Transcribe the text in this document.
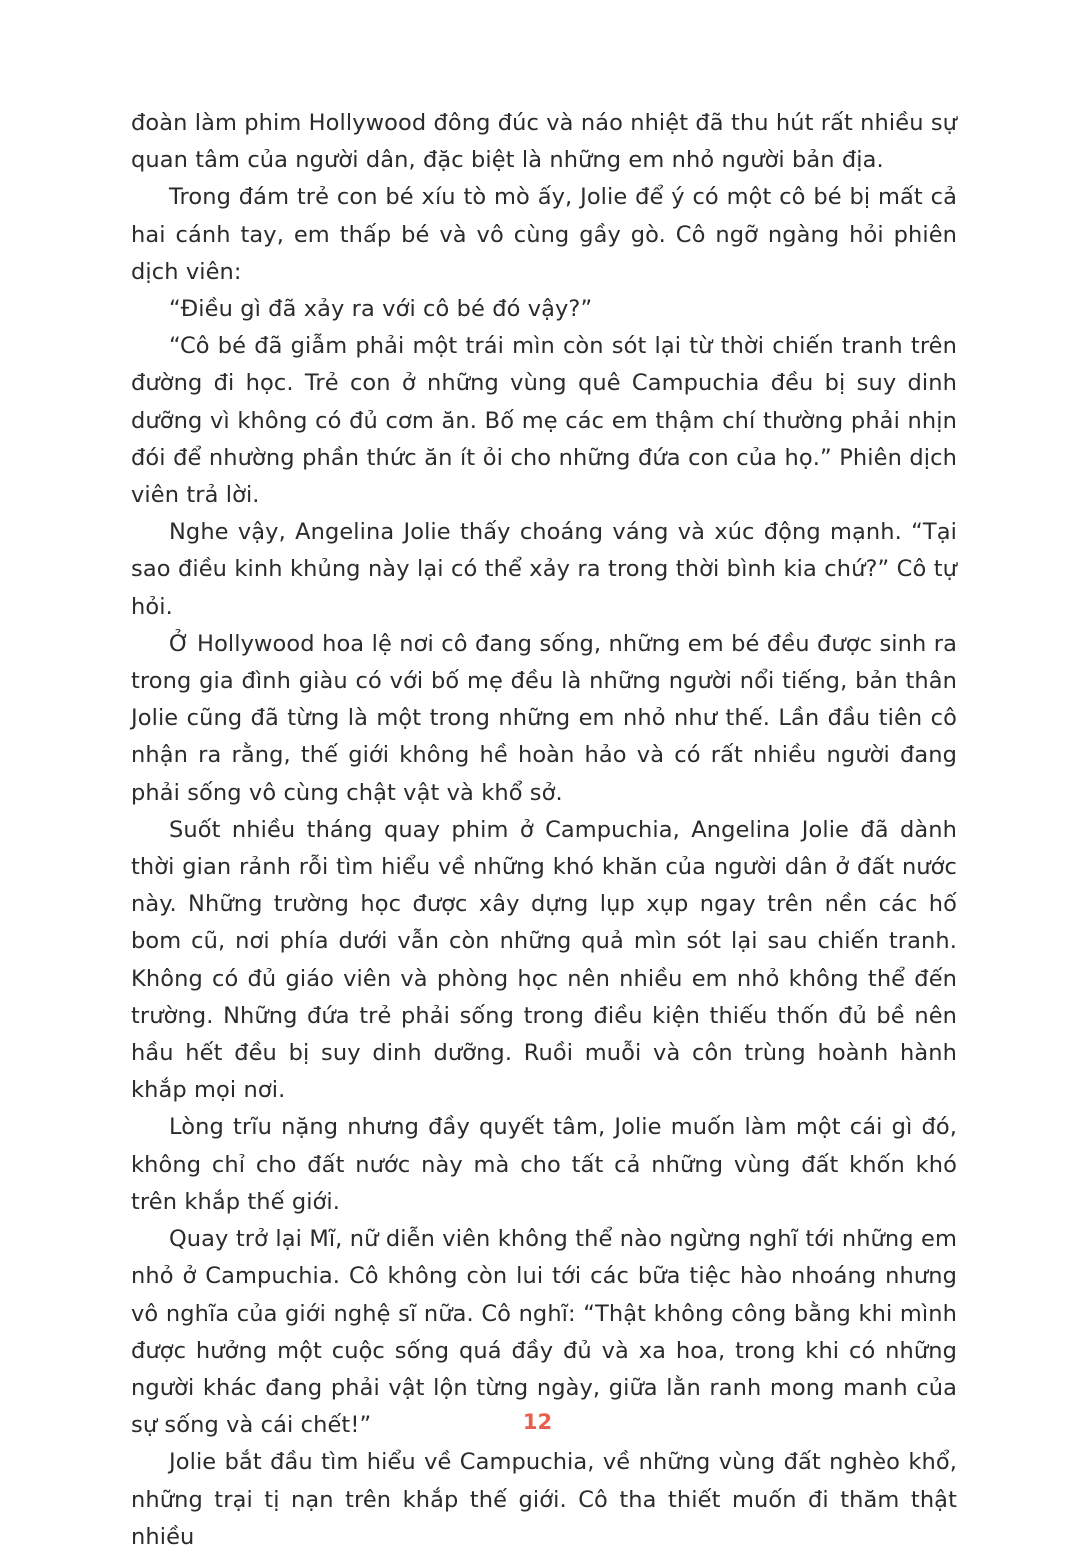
đoàn làm phim Hollywood đông đúc và náo nhiệt đã thu hút rất nhiều sự quan tâm của người dân, đặc biệt là những em nhỏ người bản địa.

Trong đám trẻ con bé xíu tò mò ấy, Jolie để ý có một cô bé bị mất cả hai cánh tay, em thấp bé và vô cùng gầy gò. Cô ngỡ ngàng hỏi phiên dịch viên:

“Điều gì đã xảy ra với cô bé đó vậy?”

“Cô bé đã giẫm phải một trái mìn còn sót lại từ thời chiến tranh trên đường đi học. Trẻ con ở những vùng quê Campuchia đều bị suy dinh dưỡng vì không có đủ cơm ăn. Bố mẹ các em thậm chí thường phải nhịn đói để nhường phần thức ăn ít ỏi cho những đứa con của họ.” Phiên dịch viên trả lời.

Nghe vậy, Angelina Jolie thấy choáng váng và xúc động mạnh. “Tại sao điều kinh khủng này lại có thể xảy ra trong thời bình kia chứ?” Cô tự hỏi.

Ở Hollywood hoa lệ nơi cô đang sống, những em bé đều được sinh ra trong gia đình giàu có với bố mẹ đều là những người nổi tiếng, bản thân Jolie cũng đã từng là một trong những em nhỏ như thế. Lần đầu tiên cô nhận ra rằng, thế giới không hề hoàn hảo và có rất nhiều người đang phải sống vô cùng chật vật và khổ sở.

Suốt nhiều tháng quay phim ở Campuchia, Angelina Jolie đã dành thời gian rảnh rỗi tìm hiểu về những khó khăn của người dân ở đất nước này. Những trường học được xây dựng lụp xụp ngay trên nền các hố bom cũ, nơi phía dưới vẫn còn những quả mìn sót lại sau chiến tranh. Không có đủ giáo viên và phòng học nên nhiều em nhỏ không thể đến trường. Những đứa trẻ phải sống trong điều kiện thiếu thốn đủ bề nên hầu hết đều bị suy dinh dưỡng. Ruồi muỗi và côn trùng hoành hành khắp mọi nơi.

Lòng trĩu nặng nhưng đầy quyết tâm, Jolie muốn làm một cái gì đó, không chỉ cho đất nước này mà cho tất cả những vùng đất khốn khó trên khắp thế giới.

Quay trở lại Mĩ, nữ diễn viên không thể nào ngừng nghĩ tới những em nhỏ ở Campuchia. Cô không còn lui tới các bữa tiệc hào nhoáng nhưng vô nghĩa của giới nghệ sĩ nữa. Cô nghĩ: “Thật không công bằng khi mình được hưởng một cuộc sống quá đầy đủ và xa hoa, trong khi có những người khác đang phải vật lộn từng ngày, giữa lằn ranh mong manh của sự sống và cái chết!”

Jolie bắt đầu tìm hiểu về Campuchia, về những vùng đất nghèo khổ, những trại tị nạn trên khắp thế giới. Cô tha thiết muốn đi thăm thật nhiều

12
